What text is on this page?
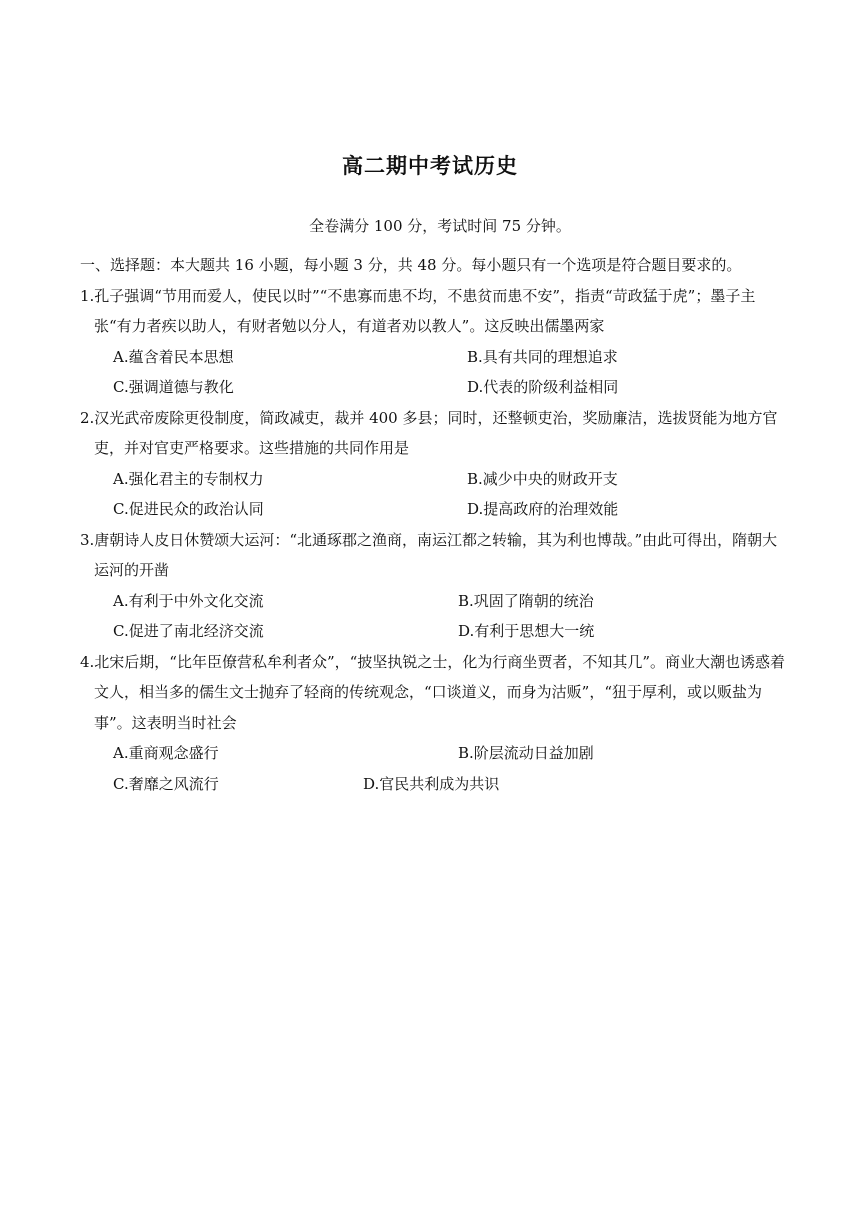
高二期中考试历史
全卷满分 100 分，考试时间 75 分钟。
一、选择题：本大题共 16 小题，每小题 3 分，共 48 分。每小题只有一个选项是符合题目要求的。
1.孔子强调“节用而爱人，使民以时”“不患寡而患不均，不患贫而患不安”，指责“苛政猛于虎”；墨子主张“有力者疾以助人，有财者勉以分人，有道者劝以教人”。这反映出儒墨两家
A.蕴含着民本思想	B.具有共同的理想追求
C.强调道德与教化	D.代表的阶级利益相同
2.汉光武帝废除更役制度，简政减吏，裁并 400 多县；同时，还整顿吏治，奖励廉洁，选拔贤能为地方官吏，并对官吏严格要求。这些措施的共同作用是
A.强化君主的专制权力	B.减少中央的财政开支
C.促进民众的政治认同	D.提高政府的治理效能
3.唐朝诗人皮日休赞颂大运河：“北通琢郡之渔商，南运江都之转输，其为利也博哉。”由此可得出，隋朝大运河的开凿
A.有利于中外文化交流	B.巩固了隋朝的统治
C.促进了南北经济交流	D.有利于思想大一统
4.北宋后期，“比年臣僚营私牟利者众”，“披坚执锐之士，化为行商坐贾者，不知其几”。商业大潮也诱惑着文人，相当多的儒生文士抛弃了轻商的传统观念，“口谈道义，而身为沽贩”，“狃于厚利，或以贩盐为事”。这表明当时社会
A.重商观念盛行	B.阶层流动日益加剧
C.奢靡之风流行	D.官民共利成为共识
